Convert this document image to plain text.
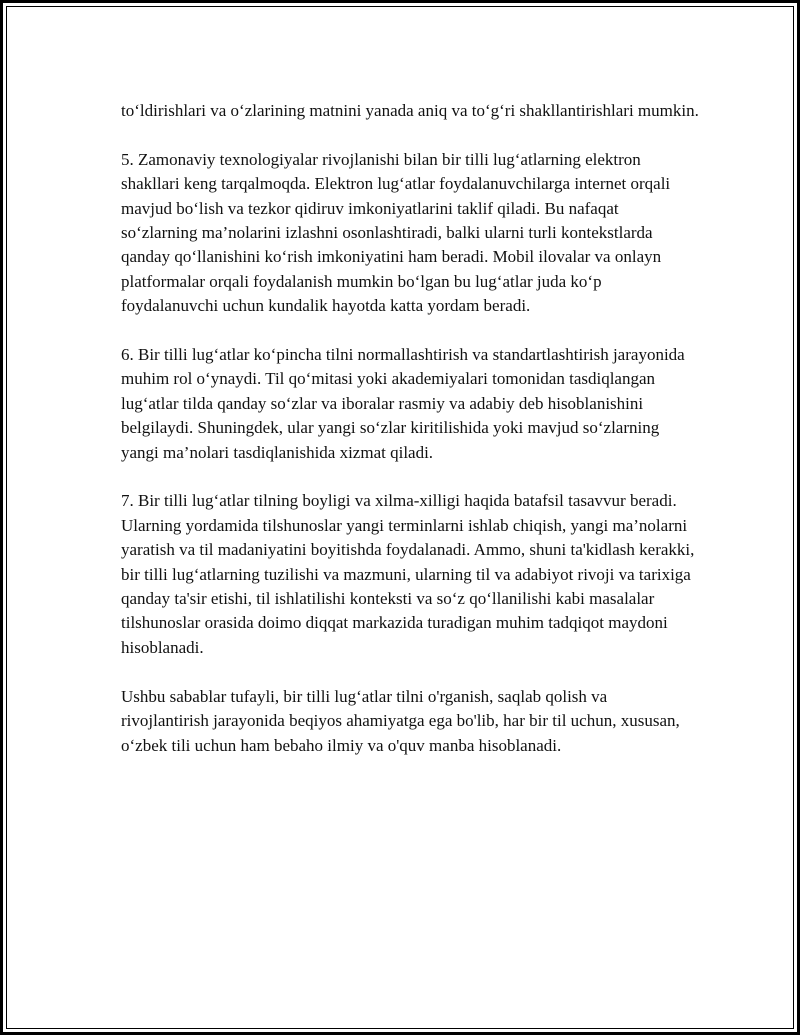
to‘ldirishlari va o‘zlarining matnini yanada aniq va to‘g‘ri shakllantirishlari mumkin.

5. Zamonaviy texnologiyalar rivojlanishi bilan bir tilli lug‘atlarning elektron shakllari keng tarqalmoqda. Elektron lug‘atlar foydalanuvchilarga internet orqali mavjud bo‘lish va tezkor qidiruv imkoniyatlarini taklif qiladi. Bu nafaqat so‘zlarning ma’nolarini izlashni osonlashtiradi, balki ularni turli kontekstlarda qanday qo‘llanishini ko‘rish imkoniyatini ham beradi. Mobil ilovalar va onlayn platformalar orqali foydalanish mumkin bo‘lgan bu lug‘atlar juda ko‘p foydalanuvchi uchun kundalik hayotda katta yordam beradi.

6. Bir tilli lug‘atlar ko‘pincha tilni normallashtirish va standartlashtirish jarayonida muhim rol o‘ynaydi. Til qo‘mitasi yoki akademiyalari tomonidan tasdiqlangan lug‘atlar tilda qanday so‘zlar va iboralar rasmiy va adabiy deb hisoblanishini belgilaydi. Shuningdek, ular yangi so‘zlar kiritilishida yoki mavjud so‘zlarning yangi ma’nolari tasdiqlanishida xizmat qiladi.

7. Bir tilli lug‘atlar tilning boyligi va xilma-xilligi haqida batafsil tasavvur beradi. Ularning yordamida tilshunoslar yangi terminlarni ishlab chiqish, yangi ma’nolarni yaratish va til madaniyatini boyitishda foydalanadi. Ammo, shuni ta'kidlash kerakki, bir tilli lug‘atlarning tuzilishi va mazmuni, ularning til va adabiyot rivoji va tarixiga qanday ta'sir etishi, til ishlatilishi konteksti va so‘z qo‘llanilishi kabi masalalar tilshunoslar orasida doimo diqqat markazida turadigan muhim tadqiqot maydoni hisoblanadi.

Ushbu sabablar tufayli, bir tilli lug‘atlar tilni o'rganish, saqlab qolish va rivojlantirish jarayonida beqiyos ahamiyatga ega bo'lib, har bir til uchun, xususan, o‘zbek tili uchun ham bebaho ilmiy va o'quv manba hisoblanadi.
